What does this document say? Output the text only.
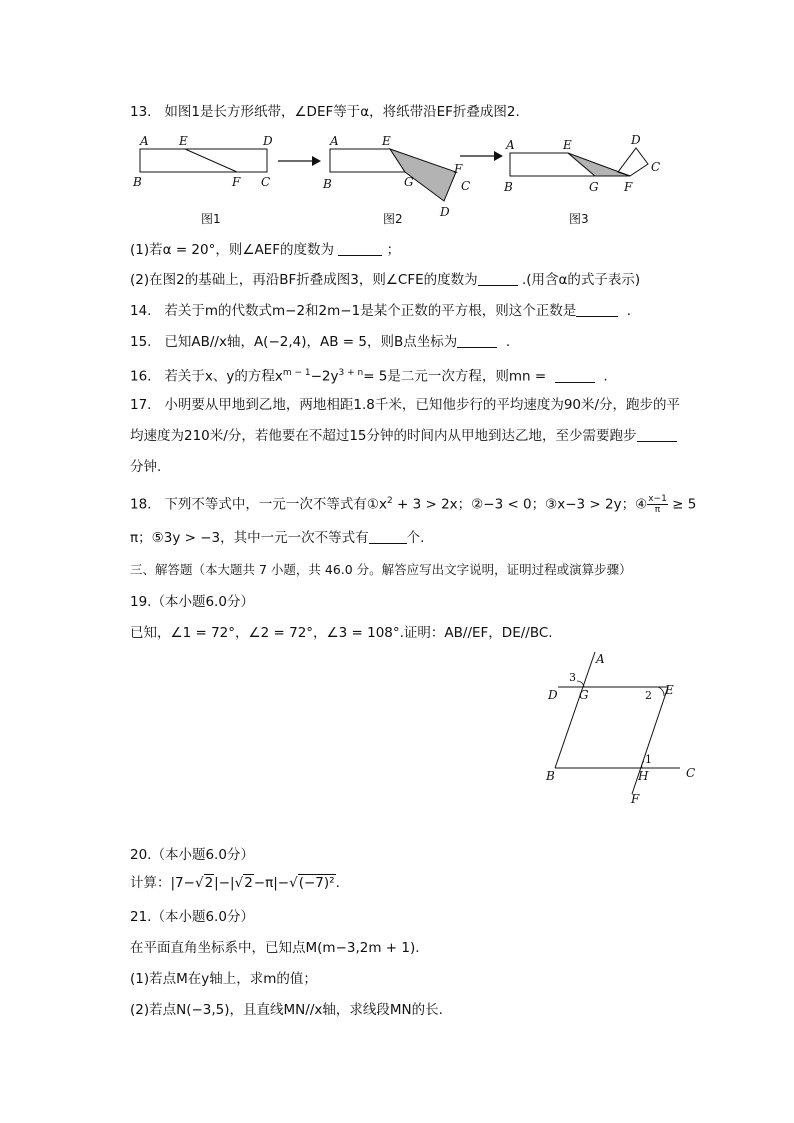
13. 如图1是长方形纸带，∠DEF等于α，将纸带沿EF折叠成图2.
A	E	D
B	F C
图1
A	E
B	G
F
C
D
图2
A	E	D
B	G F
C
图3
(1)若α = 20°，则∠AEF的度数为	；
(2)在图2的基础上，再沿BF折叠成图3，则∠CFE的度数为	.(用含α的式子表示)
14. 若关于m的代数式m−2和2m−1是某个正数的平方根，则这个正数是	.
15. 已知AB//x轴，A(−2,4)，AB = 5，则B点坐标为	.
16. 若关于x、y的方程$x^{m - 1}-2y^{3 + n}= 5$是二元一次方程，则mn =	.
17. 小明要从甲地到乙地，两地相距1.8千米，已知他步行的平均速度为90米/分，跑步的平
均速度为210米/分，若他要在不超过15分钟的时间内从甲地到达乙地，至少需要跑步
分钟.
18. 下列不等式中，一元一次不等式有$①x^2 + 3 > 2x$；②−3 < 0；③x−3 > 2y；④ $\frac{x-1}{\pi} \ge 5$
π；⑤3y > −3，其中一元一次不等式有	个.
三、解答题（本大题共 7 小题，共 46.0 分。解答应写出文字说明，证明过程或演算步骤）
19.（本小题6.0分）
已知，∠1 = 72°，∠2 = 72°，∠3 = 108°.证明：AB//EF，DE//BC.
A
3
D G	2 E
1
B	H	C
F
20.（本小题6.0分）
计算：|7−√2|−|√2−π|−√(−7)².
21.（本小题6.0分）
在平面直角坐标系中，已知点M(m−3,2m + 1).
(1)若点M在y轴上，求m的值；
(2)若点N(−3,5)，且直线MN//x轴，求线段MN的长.
